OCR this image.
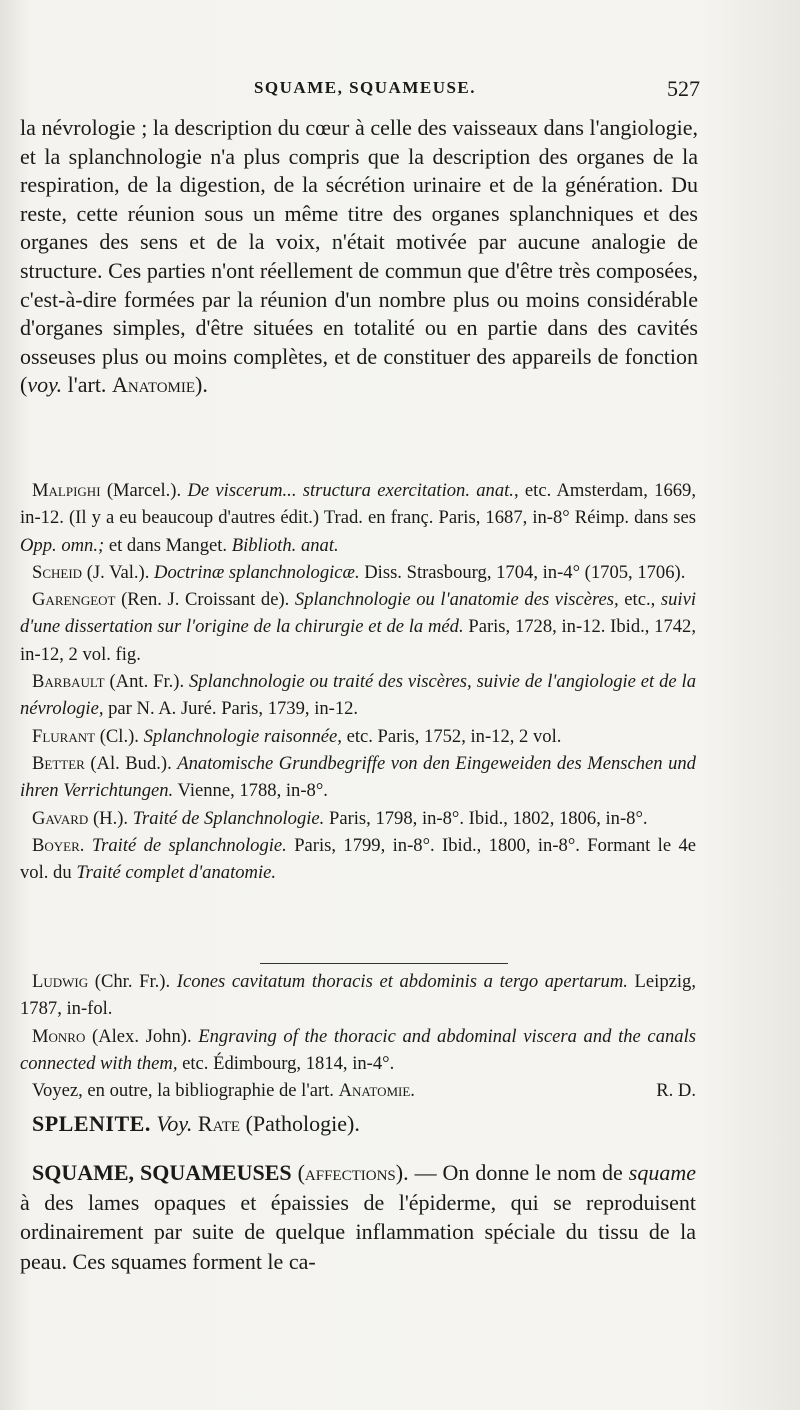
SQUAME, SQUAMEUSE.	527

la névrologie ; la description du cœur à celle des vaisseaux dans l'angiologie, et la splanchnologie n'a plus compris que la description des organes de la respiration, de la digestion, de la sécrétion urinaire et de la génération. Du reste, cette réunion sous un même titre des organes splanchniques et des organes des sens et de la voix, n'était motivée par aucune analogie de structure. Ces parties n'ont réellement de commun que d'être très composées, c'est-à-dire formées par la réunion d'un nombre plus ou moins considérable d'organes simples, d'être situées en totalité ou en partie dans des cavités osseuses plus ou moins complètes, et de constituer des appareils de fonction (voy. l'art. Anatomie).

Malpighi (Marcel.). De viscerum... structura exercitation. anat., etc. Amsterdam, 1669, in-12. (Il y a eu beaucoup d'autres édit.) Trad. en franç. Paris, 1687, in-8° Réimp. dans ses Opp. omn.; et dans Manget. Biblioth. anat.

Scheid (J. Val.). Doctrinæ splanchnologicæ. Diss. Strasbourg, 1704, in-4° (1705, 1706).

Garengeot (Ren. J. Croissant de). Splanchnologie ou l'anatomie des viscères, etc., suivi d'une dissertation sur l'origine de la chirurgie et de la méd. Paris, 1728, in-12. Ibid., 1742, in-12, 2 vol. fig.

Barbault (Ant. Fr.). Splanchnologie ou traité des viscères, suivie de l'angiologie et de la névrologie, par N. A. Juré. Paris, 1739, in-12.

Flurant (Cl.). Splanchnologie raisonnée, etc. Paris, 1752, in-12, 2 vol.

Better (Al. Bud.). Anatomische Grundbegriffe von den Eingeweiden des Menschen und ihren Verrichtungen. Vienne, 1788, in-8°.

Gavard (H.). Traité de Splanchnologie. Paris, 1798, in-8°. Ibid., 1802, 1806, in-8°.

Boyer. Traité de splanchnologie. Paris, 1799, in-8°. Ibid., 1800, in-8°. Formant le 4e vol. du Traité complet d'anatomie.

Ludwig (Chr. Fr.). Icones cavitatum thoracis et abdominis a tergo apertarum. Leipzig, 1787, in-fol.

Monro (Alex. John). Engraving of the thoracic and abdominal viscera and the canals connected with them, etc. Édimbourg, 1814, in-4°.

Voyez, en outre, la bibliographie de l'art. Anatomie.	R. D.

SPLENITE. Voy. Rate (Pathologie).

SQUAME, SQUAMEUSES (affections). — On donne le nom de squame à des lames opaques et épaissies de l'épiderme, qui se reproduisent ordinairement par suite de quelque inflammation spéciale du tissu de la peau. Ces squames forment le ca-
